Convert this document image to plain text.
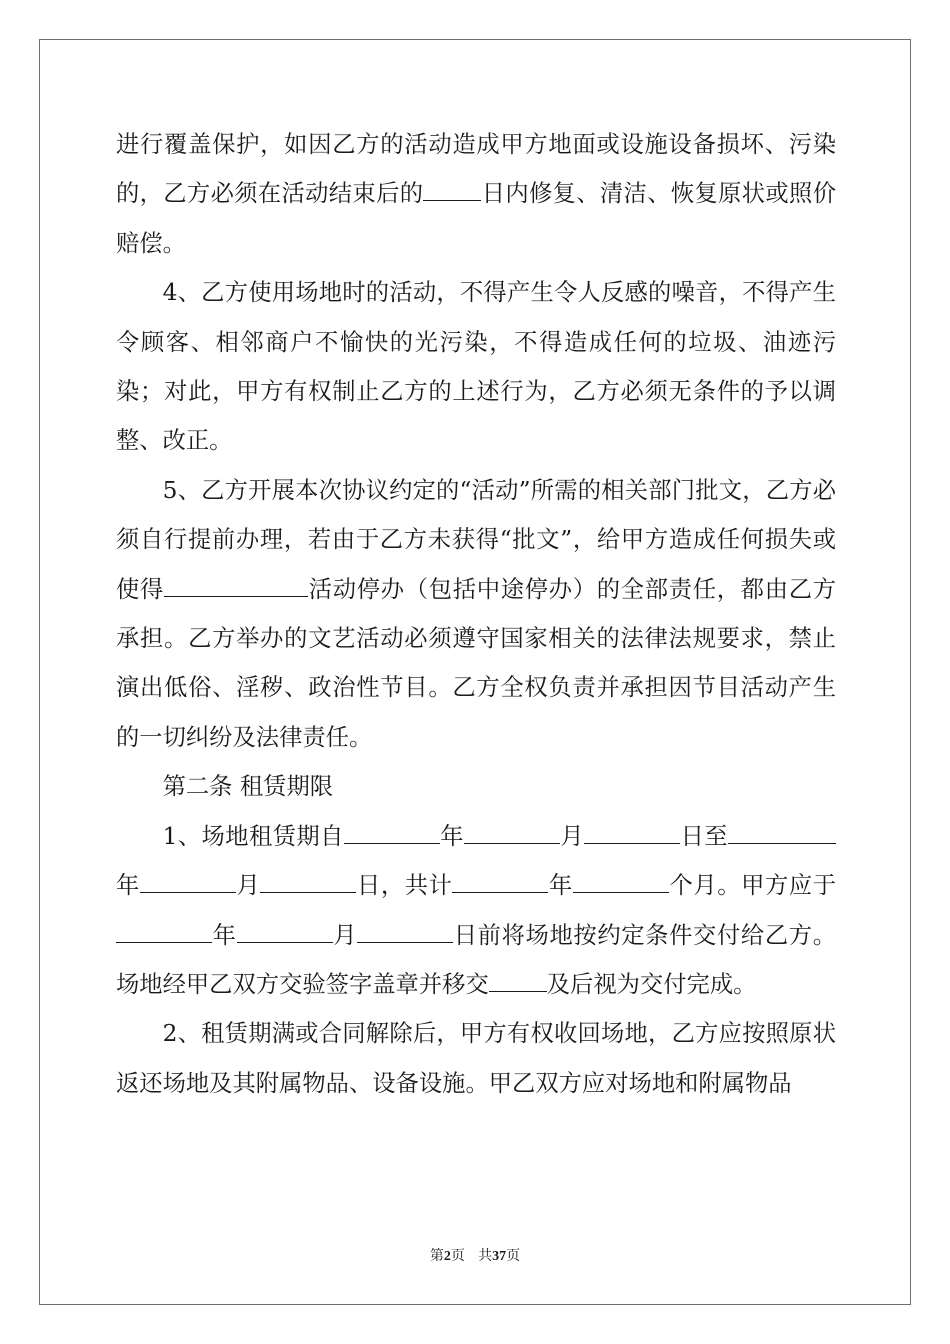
进行覆盖保护，如因乙方的活动造成甲方地面或设施设备损坏、污染的，乙方必须在活动结束后的 日内修复、清洁、恢复原状或照价赔偿。

4、乙方使用场地时的活动，不得产生令人反感的噪音，不得产生令顾客、相邻商户不愉快的光污染，不得造成任何的垃圾、油迹污染；对此，甲方有权制止乙方的上述行为，乙方必须无条件的予以调整、改正。

5、乙方开展本次协议约定的“活动”所需的相关部门批文，乙方必须自行提前办理，若由于乙方未获得“批文”，给甲方造成任何损失或使得	活动停办（包括中途停办）的全部责任，都由乙方承担。乙方举办的文艺活动必须遵守国家相关的法律法规要求，禁止演出低俗、淫秽、政治性节目。乙方全权负责并承担因节目活动产生的一切纠纷及法律责任。

第二条 租赁期限

1、场地租赁期自	年	月	日至年	月	日，共计	年	个月。甲方应于年	月	日前将场地按约定条件交付给乙方。场地经甲乙双方交验签字盖章并移交 及后视为交付完成。

2、租赁期满或合同解除后，甲方有权收回场地，乙方应按照原状返还场地及其附属物品、设备设施。甲乙双方应对场地和附属物品

第2页 共37页
